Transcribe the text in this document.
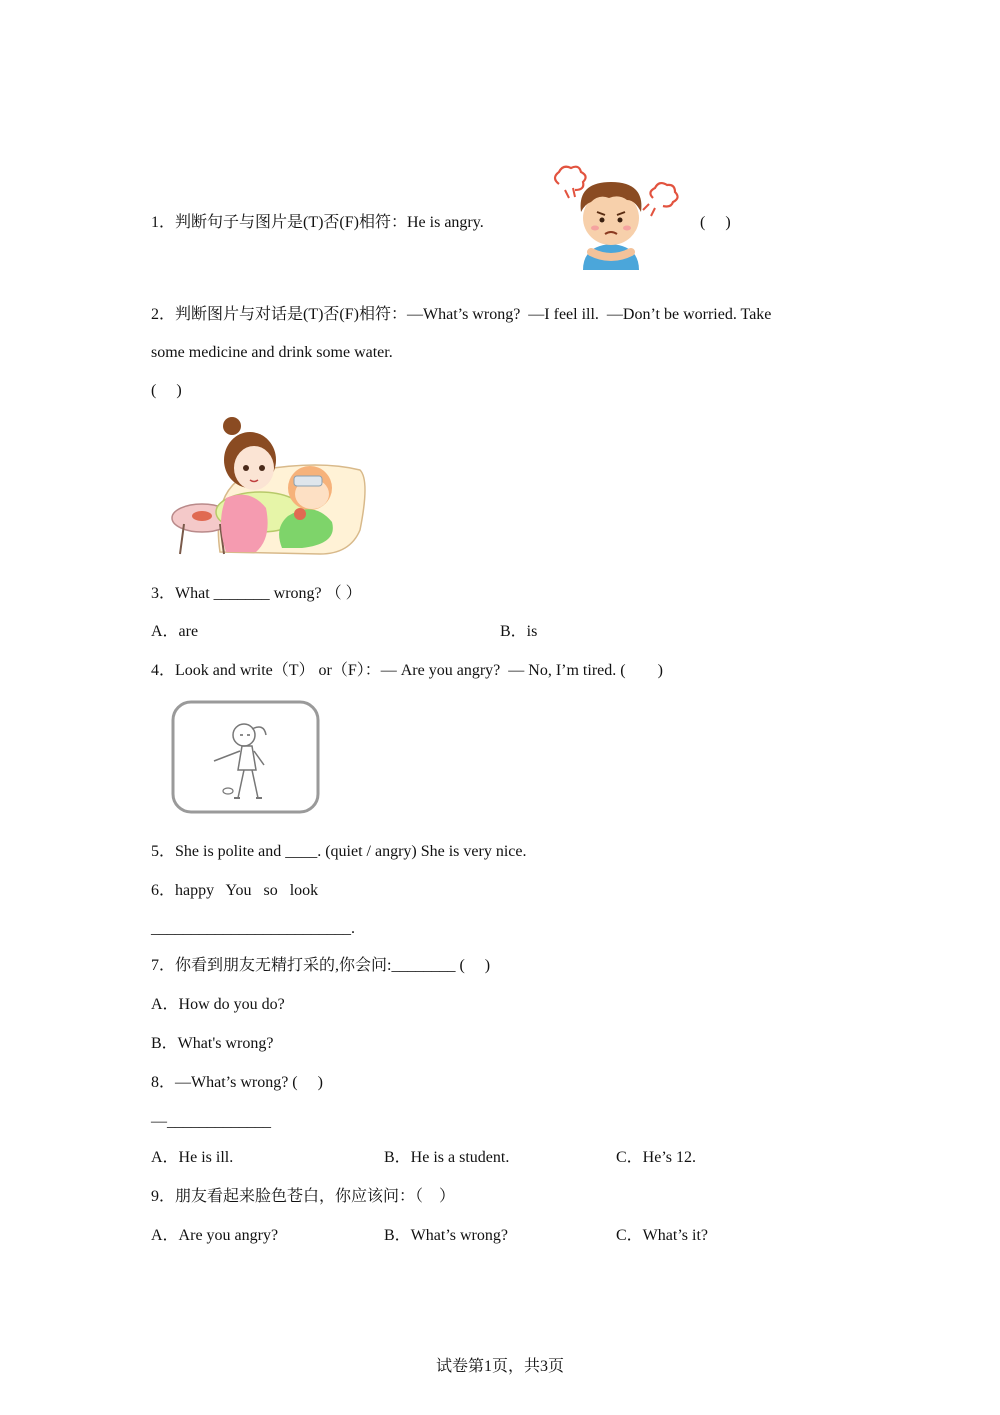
1．判断句子与图片是(T)否(F)相符：He is angry.	(　 )
2．判断图片与对话是(T)否(F)相符：—What’s wrong?  —I feel ill.  —Don’t be worried. Take
some medicine and drink some water.
(　 )
3．What _______ wrong? （ ）
A．are	B．is
4．Look and write（T） or（F）：— Are you angry?  — No, I’m tired. (　　)
5．She is polite and ____. (quiet / angry) She is very nice.
6．happy   You   so   look
_________________________.
7．你看到朋友无精打采的,你会问:________ (　 )
A．How do you do?
B．What's wrong?
8．—What’s wrong? (　 )
—_____________
A．He is ill.	B．He is a student.	C．He’s 12.
9．朋友看起来脸色苍白，你应该问：（　）
A．Are you angry?	B．What’s wrong?	C．What’s it?
试卷第1页，共3页
